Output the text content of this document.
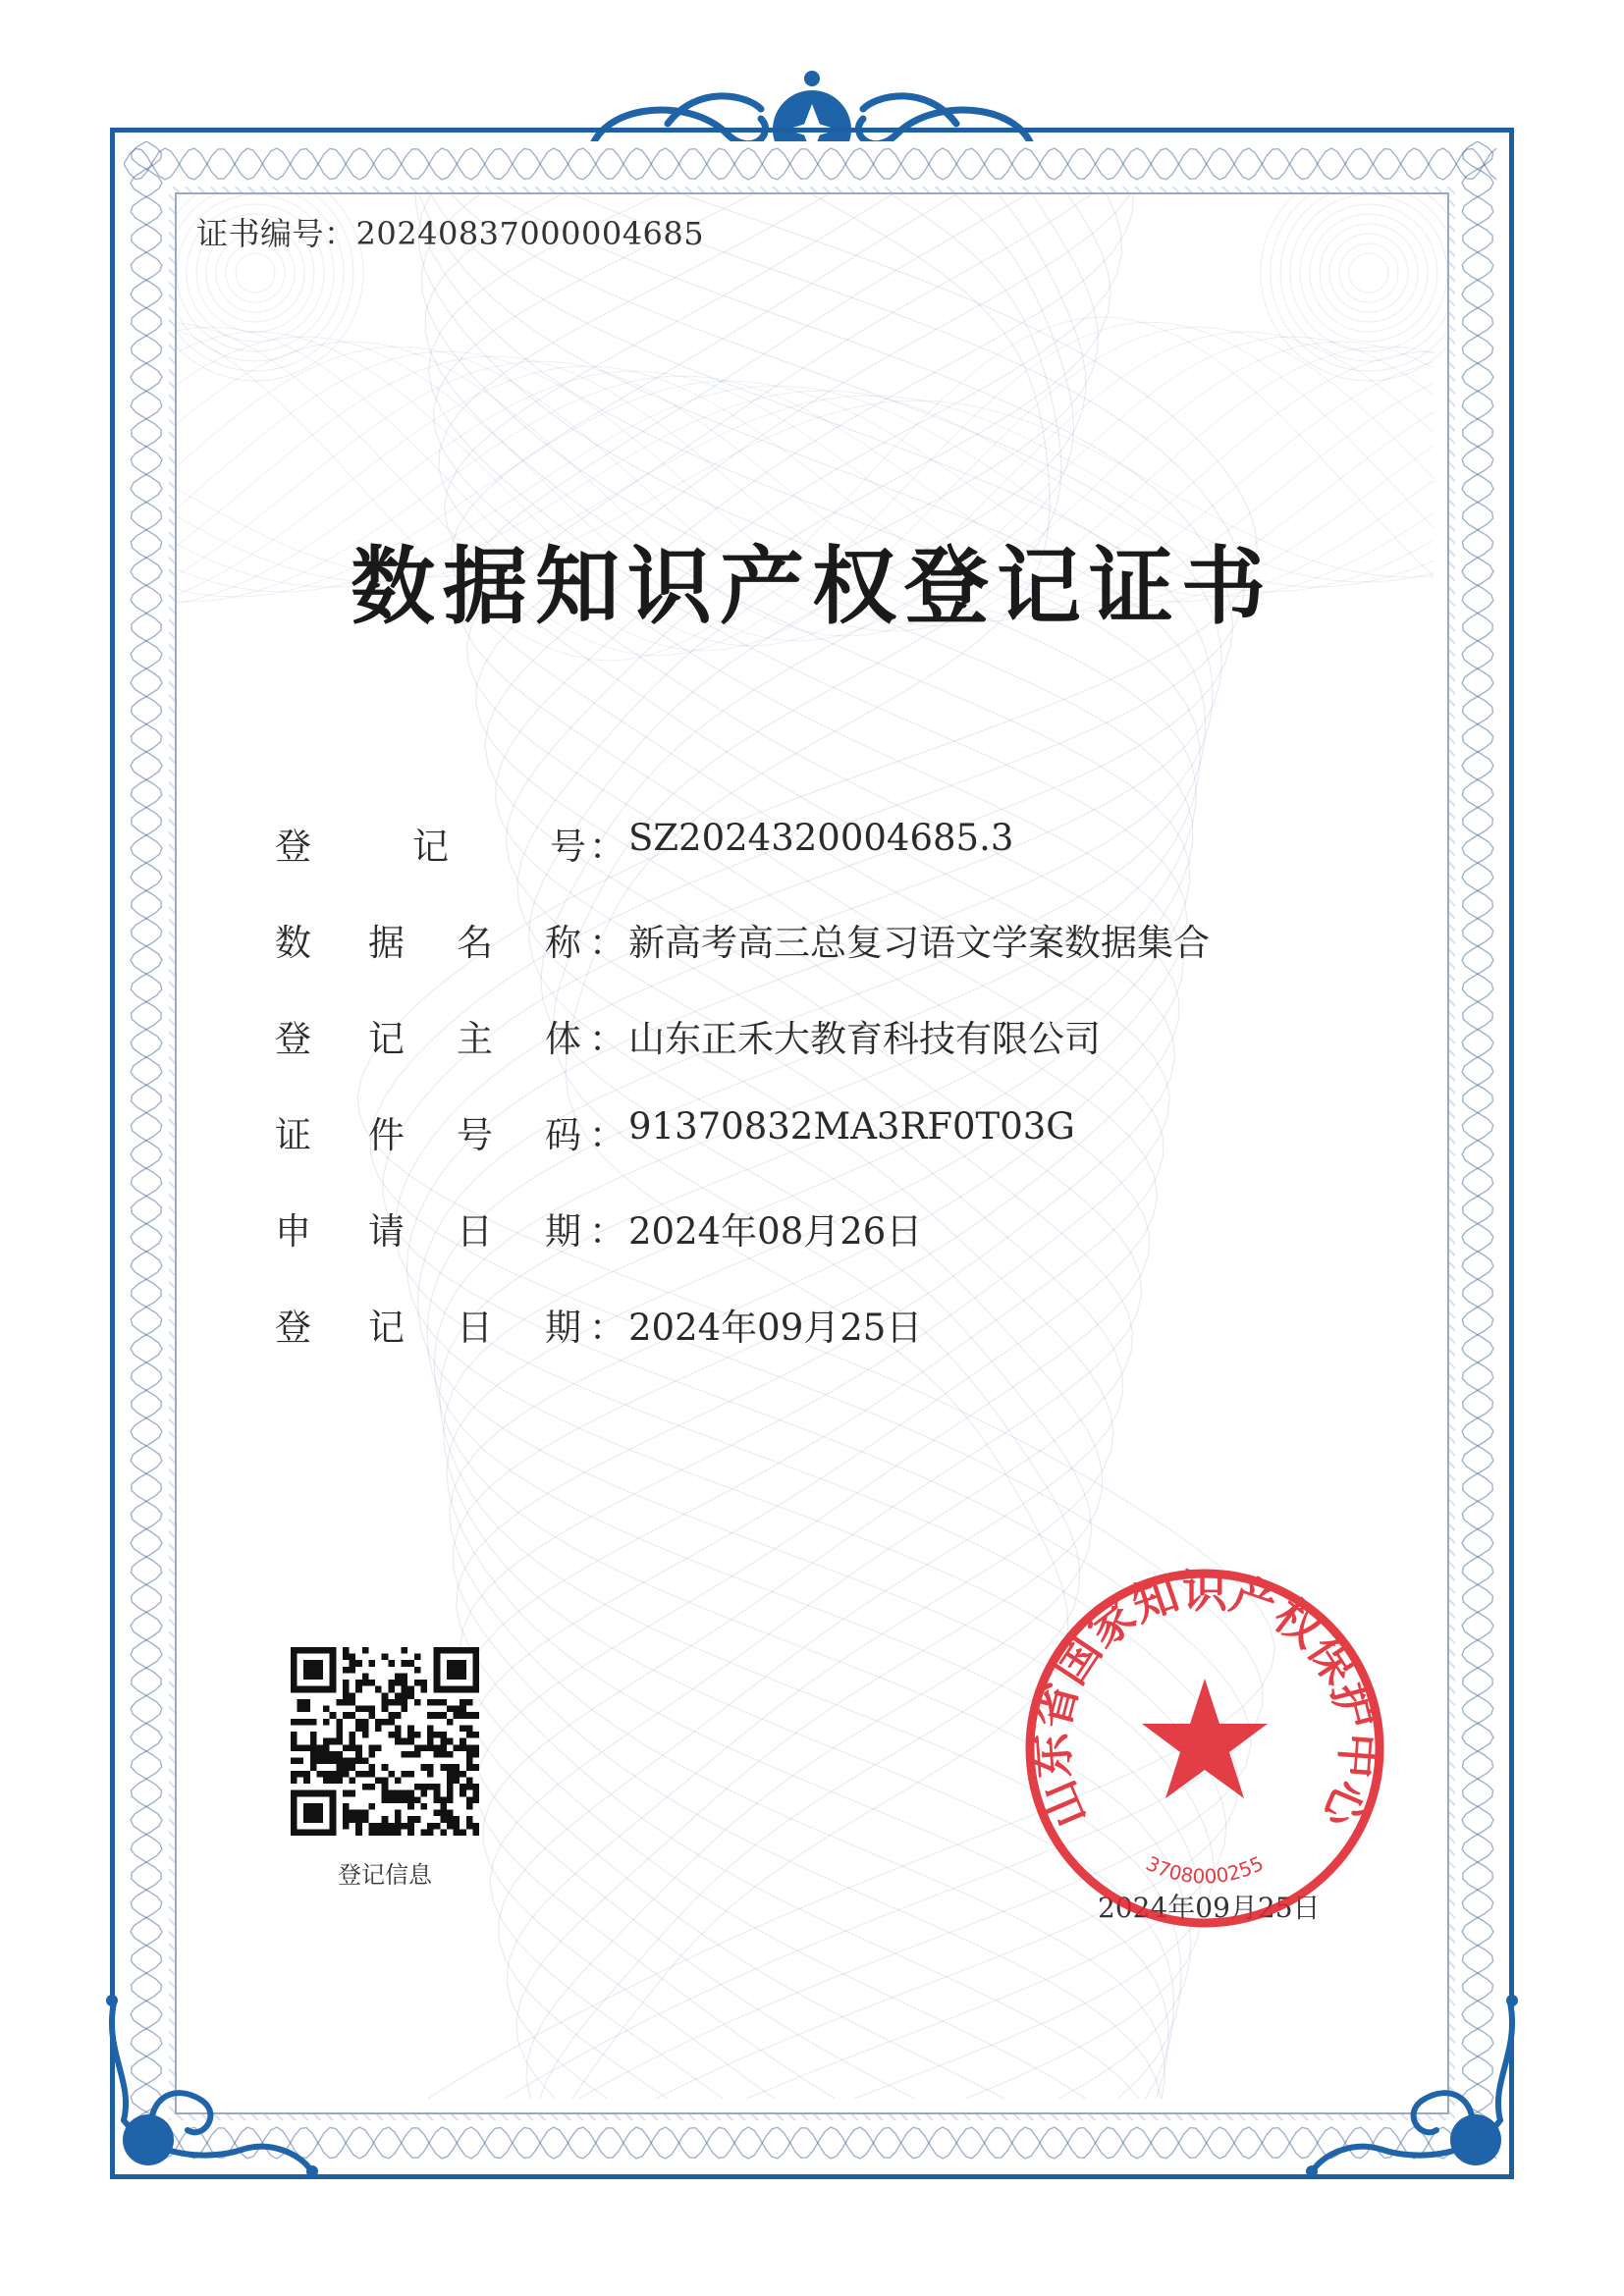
证书编号：20240837000004685
数据知识产权登记证书
登	记	号 ： SZ2024320004685.3
数 据 名 称 ： 新高考高三总复习语文学案数据集合
登 记 主 体 ： 山东正禾大教育科技有限公司
证 件 号 码 ： 91370832MA3RF0T03G
申 请 日 期 ： 2024年08月26日
登 记 日 期 ： 2024年09月25日
登记信息
2024年09月25日
山东省国家知识产权保护中心
3708000255
